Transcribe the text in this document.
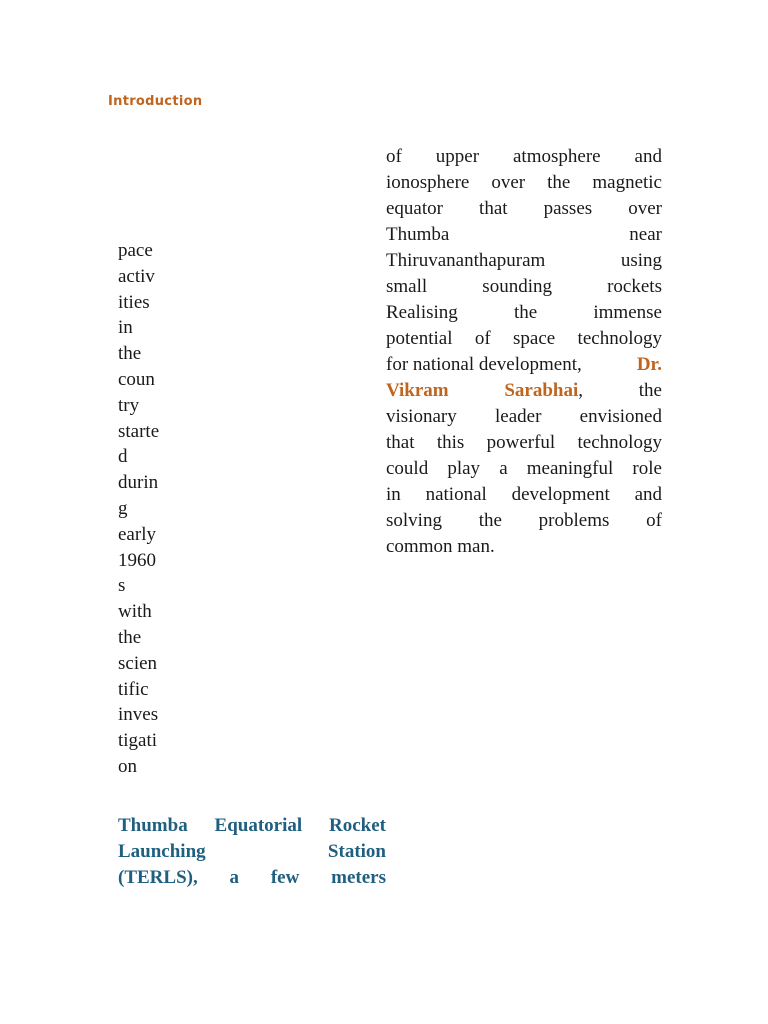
Introduction
pace
activ
ities
in
the
coun
try
starte
d
durin
g
early
1960
s
with
the
scien
tific
inves
tigati
on
of upper atmosphere and
ionosphere over the magnetic
equator that passes over
Thumba	near
Thiruvananthapuram	using
small	sounding	rockets
Realising	the	immense
potential of space technology
for national development,	Dr.
Vikram	Sarabhai,	the
visionary leader envisioned
that this powerful technology
could play a meaningful role
in national development and
solving the problems of
common man.
Thumba Equatorial Rocket
Launching	Station
(TERLS), a few meters
